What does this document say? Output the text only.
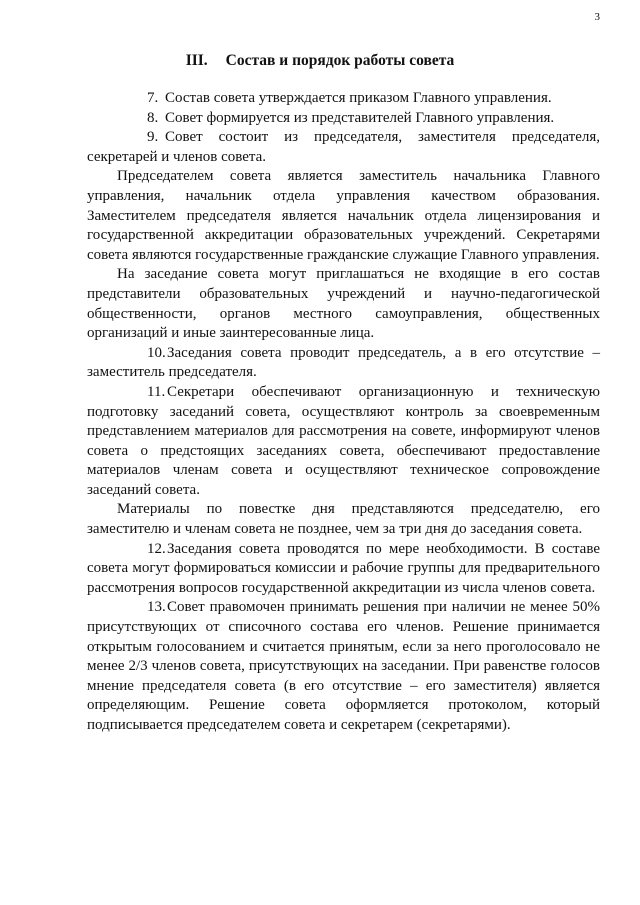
3
III. Состав и порядок работы совета

7. Состав совета утверждается приказом Главного управления.

8. Совет формируется из представителей Главного управления.

9. Совет состоит из председателя, заместителя председателя, секретарей и членов совета.

Председателем совета является заместитель начальника Главного управления, начальник отдела управления качеством образования. Заместителем председателя является начальник отдела лицензирования и государственной аккредитации образовательных учреждений. Секретарями совета являются государственные гражданские служащие Главного управления.

На заседание совета могут приглашаться не входящие в его состав представители образовательных учреждений и научно-педагогической общественности, органов местного самоуправления, общественных организаций и иные заинтересованные лица.

10.Заседания совета проводит председатель, а в его отсутствие – заместитель председателя.

11. Секретари обеспечивают организационную и техническую подготовку заседаний совета, осуществляют контроль за своевременным представлением материалов для рассмотрения на совете, информируют членов совета о предстоящих заседаниях совета, обеспечивают предоставление материалов членам совета и осуществляют техническое сопровождение заседаний совета.

Материалы по повестке дня представляются председателю, его заместителю и членам совета не позднее, чем за три дня до заседания совета.

12.Заседания совета проводятся по мере необходимости. В составе совета могут формироваться комиссии и рабочие группы для предварительного рассмотрения вопросов государственной аккредитации из числа членов совета.

13.Совет правомочен принимать решения при наличии не менее 50% присутствующих от списочного состава его членов. Решение принимается открытым голосованием и считается принятым, если за него проголосовало не менее 2/3 членов совета, присутствующих на заседании. При равенстве голосов мнение председателя совета (в его отсутствие – его заместителя) является определяющим. Решение совета оформляется протоколом, который подписывается председателем совета и секретарем (секретарями).
